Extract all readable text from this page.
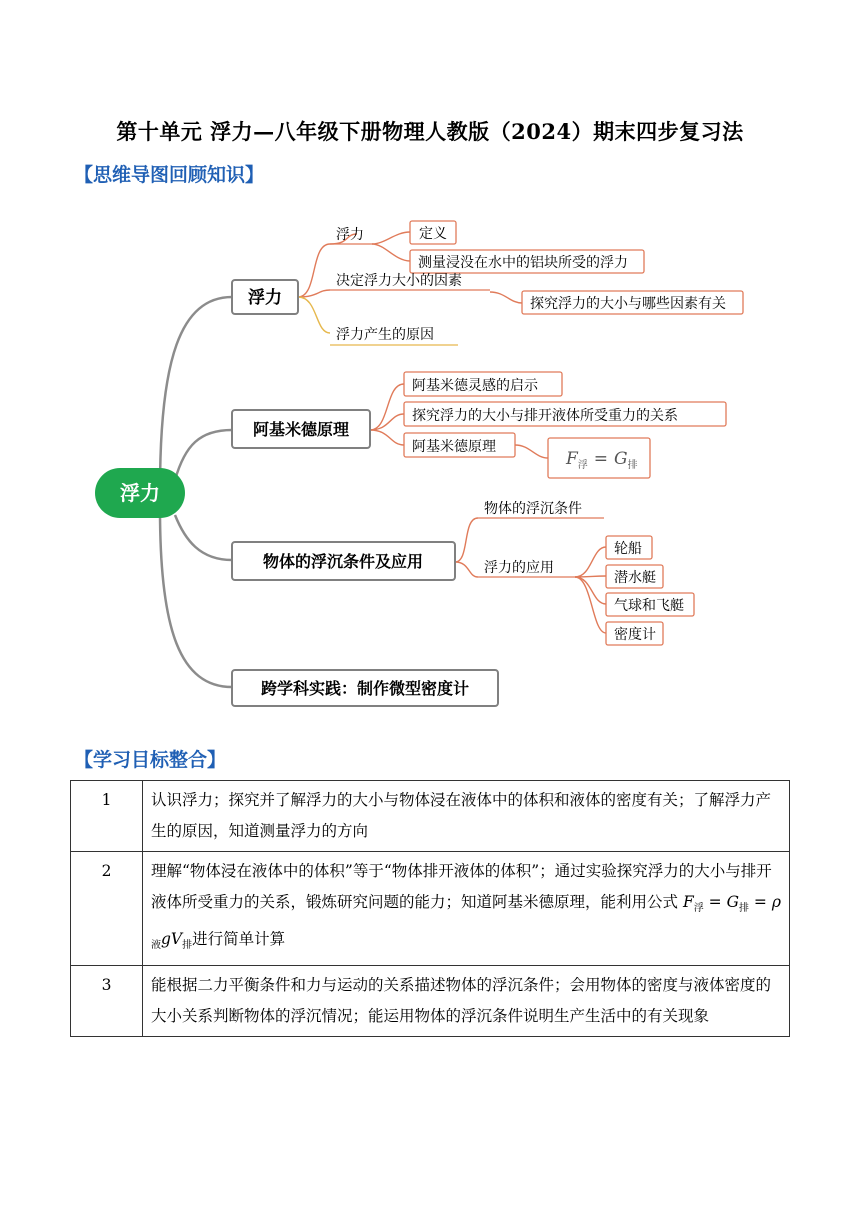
第十单元 浮力—八年级下册物理人教版（2024）期末四步复习法
【思维导图回顾知识】
浮力
浮力
浮力	定义
测量浸没在水中的铝块所受的浮力
决定浮力大小的因素
探究浮力的大小与哪些因素有关
浮力产生的原因
阿基米德原理
阿基米德灵感的启示
探究浮力的大小与排开液体所受重力的关系
阿基米德原理
$F_浮 = G_排$
物体的浮沉条件及应用
物体的浮沉条件
浮力的应用
轮船
潜水艇
气球和飞艇
密度计
跨学科实践：制作微型密度计
【学习目标整合】
1	认识浮力；探究并了解浮力的大小与物体浸在液体中的体积和液体的密度有关；了解浮力产生的原因，知道测量浮力的方向
2	理解“物体浸在液体中的体积”等于“物体排开液体的体积”；通过实验探究浮力的大小与排开液体所受重力的关系，锻炼研究问题的能力；知道阿基米德原理，能利用公式 $F_浮 = G_排 = \rho_液gV_排$进行简单计算
3	能根据二力平衡条件和力与运动的关系描述物体的浮沉条件；会用物体的密度与液体密度的大小关系判断物体的浮沉情况；能运用物体的浮沉条件说明生产生活中的有关现象
